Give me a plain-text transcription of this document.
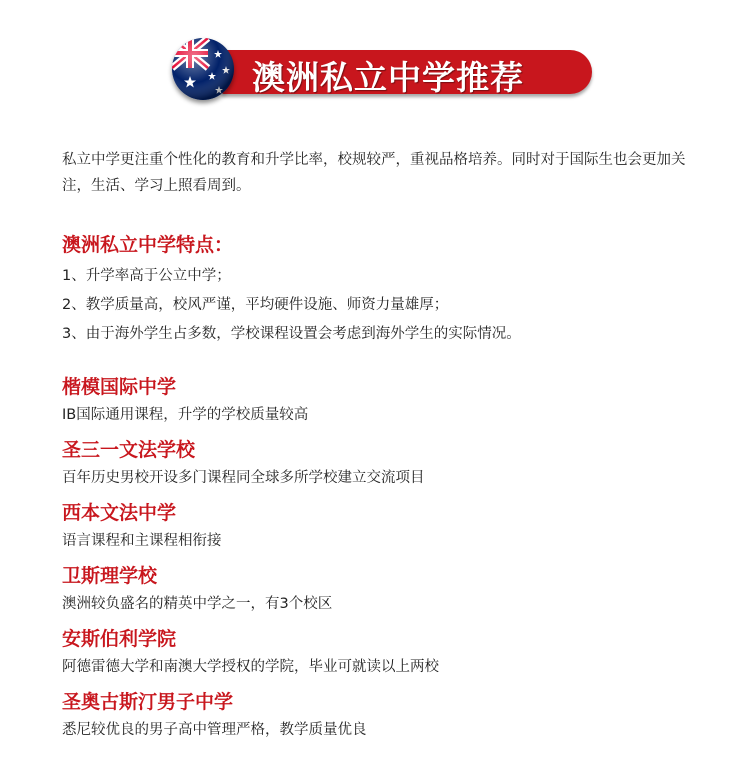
澳洲私立中学推荐
私立中学更注重个性化的教育和升学比率，校规较严，重视品格培养。同时对于国际生也会更加关注，生活、学习上照看周到。
澳洲私立中学特点：
1、升学率高于公立中学；
2、教学质量高，校风严谨，平均硬件设施、师资力量雄厚；
3、由于海外学生占多数，学校课程设置会考虑到海外学生的实际情况。
楷模国际中学
IB国际通用课程，升学的学校质量较高
圣三一文法学校
百年历史男校开设多门课程同全球多所学校建立交流项目
西本文法中学
语言课程和主课程相衔接
卫斯理学校
澳洲较负盛名的精英中学之一，有3个校区
安斯伯利学院
阿德雷德大学和南澳大学授权的学院，毕业可就读以上两校
圣奥古斯汀男子中学
悉尼较优良的男子高中管理严格，教学质量优良
